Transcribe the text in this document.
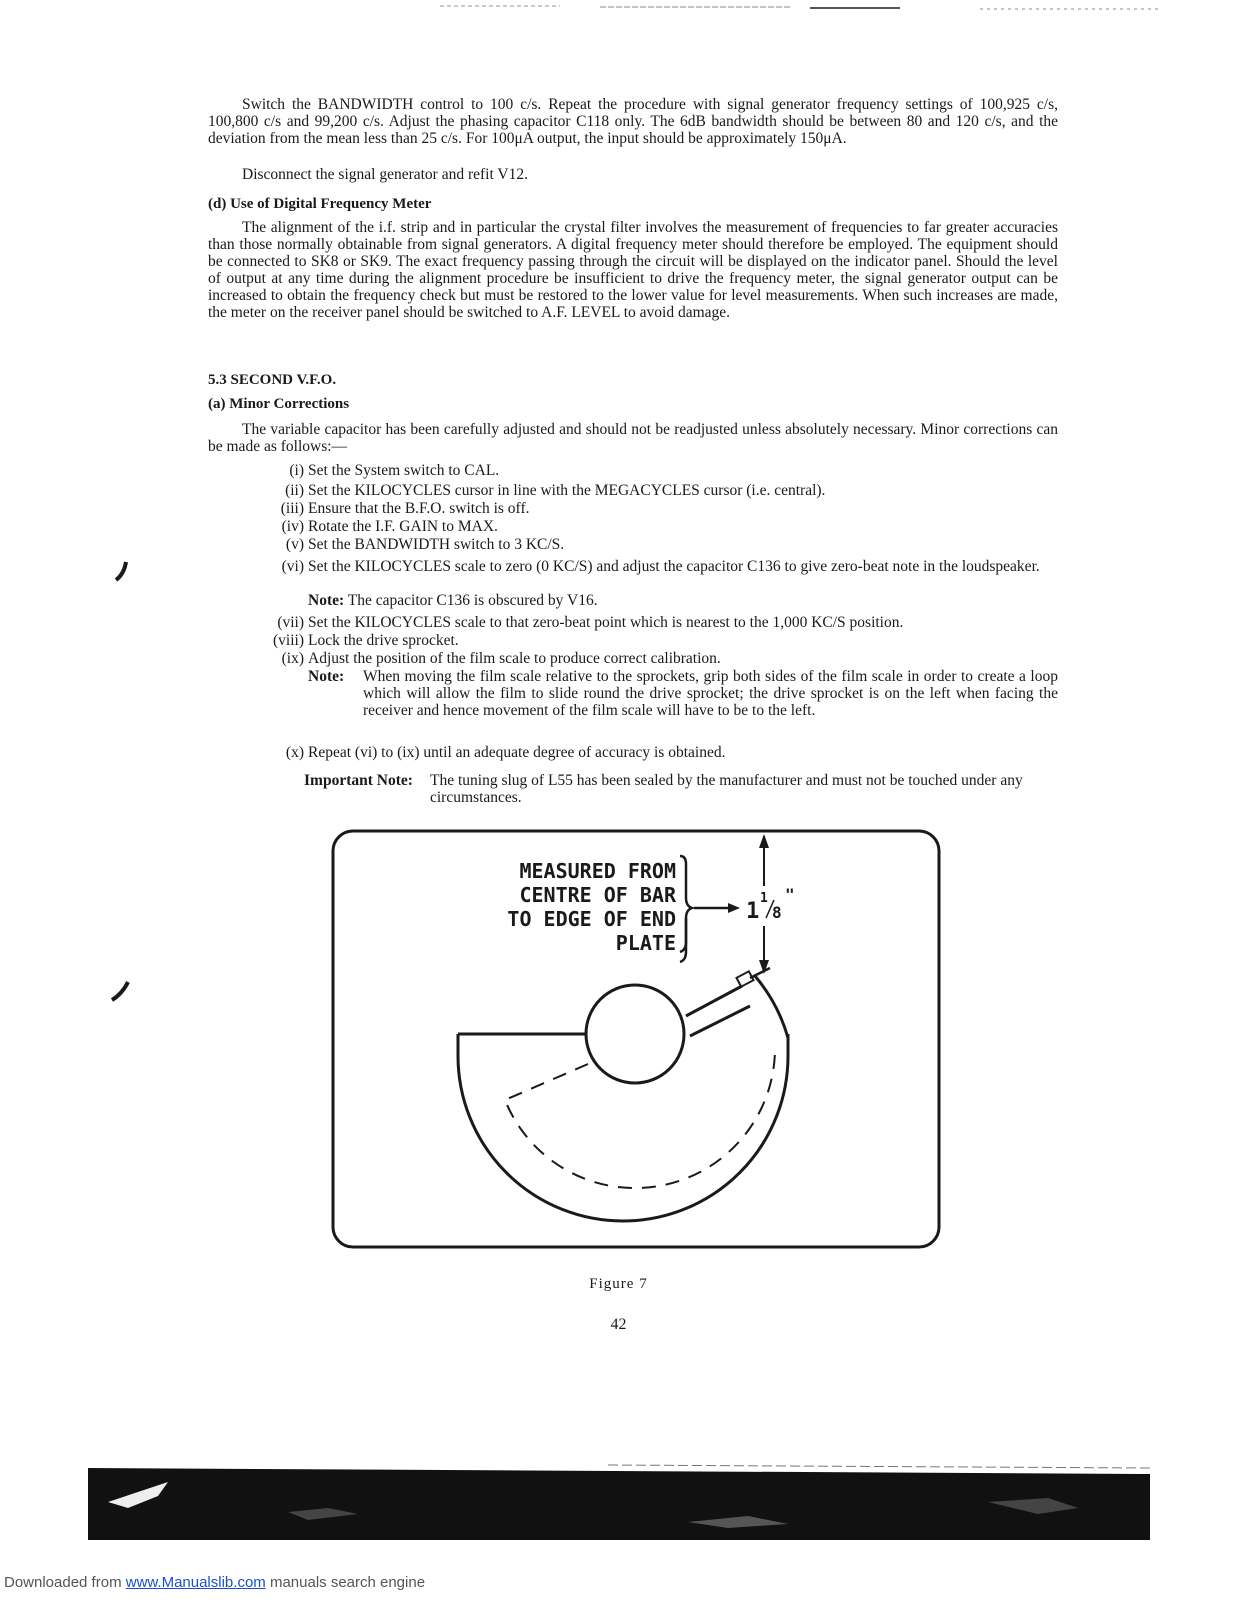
Switch the BANDWIDTH control to 100 c/s. Repeat the procedure with signal generator frequency settings of 100,925 c/s, 100,800 c/s and 99,200 c/s. Adjust the phasing capacitor C118 only. The 6dB bandwidth should be between 80 and 120 c/s, and the deviation from the mean less than 25 c/s. For 100μA output, the input should be approximately 150μA.
Disconnect the signal generator and refit V12.
(d) Use of Digital Frequency Meter
The alignment of the i.f. strip and in particular the crystal filter involves the measurement of frequencies to far greater accuracies than those normally obtainable from signal generators. A digital frequency meter should therefore be employed. The equipment should be connected to SK8 or SK9. The exact frequency passing through the circuit will be displayed on the indicator panel. Should the level of output at any time during the alignment procedure be insufficient to drive the frequency meter, the signal generator output can be increased to obtain the frequency check but must be restored to the lower value for level measurements. When such increases are made, the meter on the receiver panel should be switched to A.F. LEVEL to avoid damage.
5.3 SECOND V.F.O.
(a) Minor Corrections
The variable capacitor has been carefully adjusted and should not be readjusted unless absolutely necessary. Minor corrections can be made as follows:—
(i) Set the System switch to CAL.
(ii) Set the KILOCYCLES cursor in line with the MEGACYCLES cursor (i.e. central).
(iii) Ensure that the B.F.O. switch is off.
(iv) Rotate the I.F. GAIN to MAX.
(v) Set the BANDWIDTH switch to 3 KC/S.
(vi) Set the KILOCYCLES scale to zero (0 KC/S) and adjust the capacitor C136 to give zero-beat note in the loudspeaker.
Note: The capacitor C136 is obscured by V16.
(vii) Set the KILOCYCLES scale to that zero-beat point which is nearest to the 1,000 KC/S position.
(viii) Lock the drive sprocket.
(ix) Adjust the position of the film scale to produce correct calibration.
Note: When moving the film scale relative to the sprockets, grip both sides of the film scale in order to create a loop which will allow the film to slide round the drive sprocket; the drive sprocket is on the left when facing the receiver and hence movement of the film scale will have to be to the left.
(x) Repeat (vi) to (ix) until an adequate degree of accuracy is obtained.
Important Note: The tuning slug of L55 has been sealed by the manufacturer and must not be touched under any circumstances.
MEASURED FROM
CENTRE OF BAR
TO EDGE OF END
PLATE
1
1
8
"
Figure 7
42
Downloaded from www.Manualslib.com manuals search engine
